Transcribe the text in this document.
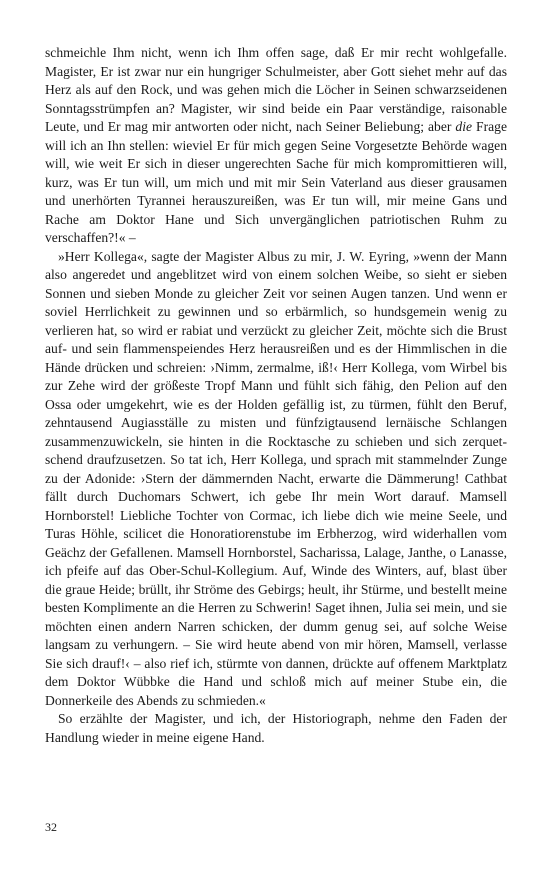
schmeichle Ihm nicht, wenn ich Ihm offen sage, daß Er mir recht wohlgefalle. Magister, Er ist zwar nur ein hungriger Schulmeister, aber Gott siehet mehr auf das Herz als auf den Rock, und was gehen mich die Löcher in Seinen schwarzseidenen Sonntagsstrümpfen an? Magister, wir sind beide ein Paar verständige, raisonable Leute, und Er mag mir antworten oder nicht, nach Seiner Beliebung; aber die Frage will ich an Ihn stellen: wieviel Er für mich gegen Seine Vorgesetzte Behörde wagen will, wie weit Er sich in dieser ungerechten Sache für mich kompromittieren will, kurz, was Er tun will, um mich und mit mir Sein Vaterland aus dieser grausamen und unerhörten Tyrannei herauszureißen, was Er tun will, mir meine Gans und Rache am Doktor Hane und Sich unvergänglichen patriotischen Ruhm zu verschaffen?!« –

»Herr Kollega«, sagte der Magister Albus zu mir, J. W. Eyring, »wenn der Mann also angeredet und angeblitzet wird von einem solchen Weibe, so sieht er sieben Sonnen und sieben Monde zu gleicher Zeit vor seinen Augen tanzen. Und wenn er soviel Herrlichkeit zu gewinnen und so erbärmlich, so hundsgemein wenig zu verlieren hat, so wird er rabiat und verzückt zu gleicher Zeit, möchte sich die Brust auf- und sein flammenspeiendes Herz herausreißen und es der Himmlischen in die Hände drücken und schreien: ›Nimm, zermalme, iß!‹ Herr Kollega, vom Wirbel bis zur Zehe wird der größeste Tropf Mann und fühlt sich fähig, den Pelion auf den Ossa oder umgekehrt, wie es der Holden gefällig ist, zu türmen, fühlt den Beruf, zehntausend Augiasställe zu misten und fünfzigtausend lernäische Schlangen zusammenzuwickeln, sie hinten in die Rocktasche zu schieben und sich zerquetschend draufzusetzen. So tat ich, Herr Kollega, und sprach mit stammelnder Zunge zu der Adonide: ›Stern der dämmernden Nacht, erwarte die Dämmerung! Cathbat fällt durch Duchomars Schwert, ich gebe Ihr mein Wort darauf. Mamsell Hornborstel! Liebliche Tochter von Cormac, ich liebe dich wie meine Seele, und Turas Höhle, scilicet die Honoratiorenstube im Erbherzog, wird widerhallen vom Geächz der Gefallenen. Mamsell Hornborstel, Sacharissa, Lalage, Janthe, o Lanasse, ich pfeife auf das Ober-Schul-Kollegium. Auf, Winde des Winters, auf, blast über die graue Heide; brüllt, ihr Ströme des Gebirgs; heult, ihr Stürme, und bestellt meine besten Komplimente an die Herren zu Schwerin! Saget ihnen, Julia sei mein, und sie möchten einen andern Narren schicken, der dumm genug sei, auf solche Weise langsam zu verhungern. – Sie wird heute abend von mir hören, Mamsell, verlasse Sie sich drauf!‹ – also rief ich, stürmte von dannen, drückte auf offenem Marktplatz dem Doktor Wübbke die Hand und schloß mich auf meiner Stube ein, die Donnerkeile des Abends zu schmieden.«

So erzählte der Magister, und ich, der Historiograph, nehme den Faden der Handlung wieder in meine eigene Hand.

32
